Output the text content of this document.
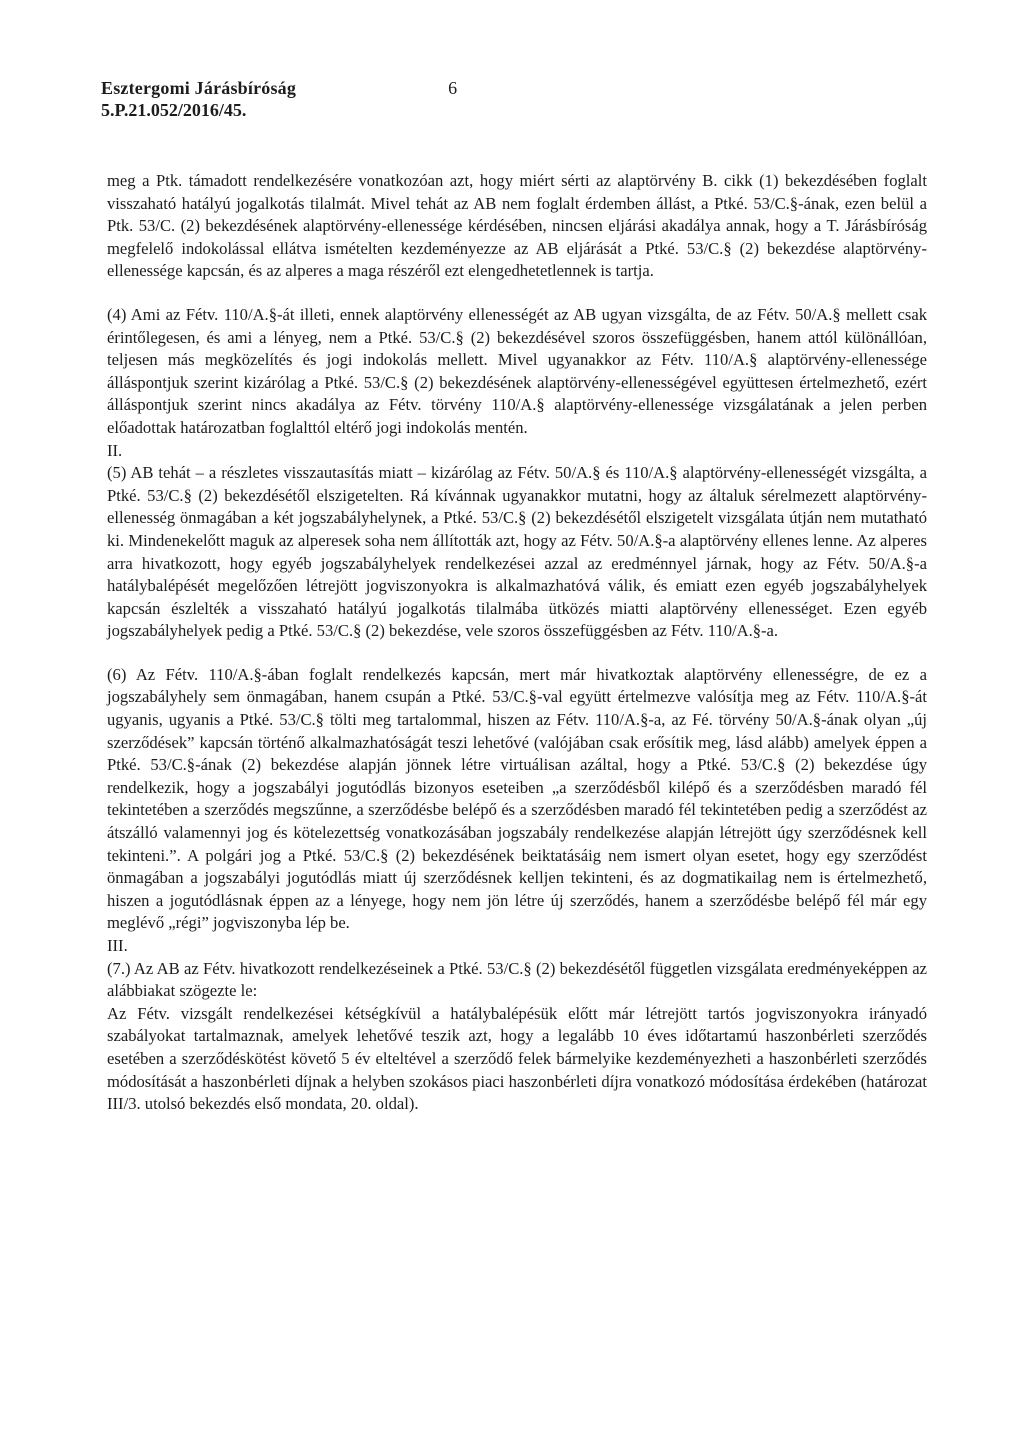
Esztergomi Járásbíróság	6
5.P.21.052/2016/45.

meg a Ptk. támadott rendelkezésére vonatkozóan azt, hogy miért sérti az alaptörvény B. cikk (1) bekezdésében foglalt visszaható hatályú jogalkotás tilalmát. Mivel tehát az AB nem foglalt érdemben állást, a Ptké. 53/C.§-ának, ezen belül a Ptk. 53/C. (2) bekezdésének alaptörvény-ellenessége kérdésében, nincsen eljárási akadálya annak, hogy a T. Járásbíróság megfelelő indokolással ellátva ismételten kezdeményezze az AB eljárását a Ptké. 53/C.§ (2) bekezdése alaptörvény-ellenessége kapcsán, és az alperes a maga részéről ezt elengedhetetlennek is tartja.

(4) Ami az Fétv. 110/A.§-át illeti, ennek alaptörvény ellenességét az AB ugyan vizsgálta, de az Fétv. 50/A.§ mellett csak érintőlegesen, és ami a lényeg, nem a Ptké. 53/C.§ (2) bekezdésével szoros összefüggésben, hanem attól különállóan, teljesen más megközelítés és jogi indokolás mellett. Mivel ugyanakkor az Fétv. 110/A.§ alaptörvény-ellenessége álláspontjuk szerint kizárólag a Ptké. 53/C.§ (2) bekezdésének alaptörvény-ellenességével együttesen értelmezhető, ezért álláspontjuk szerint nincs akadálya az Fétv. törvény 110/A.§ alaptörvény-ellenessége vizsgálatának a jelen perben előadottak határozatban foglalttól eltérő jogi indokolás mentén.

II.

(5) AB tehát – a részletes visszautasítás miatt – kizárólag az Fétv. 50/A.§ és 110/A.§ alaptörvény-ellenességét vizsgálta, a Ptké. 53/C.§ (2) bekezdésétől elszigetelten. Rá kívánnak ugyanakkor mutatni, hogy az általuk sérelmezett alaptörvény-ellenesség önmagában a két jogszabályhelynek, a Ptké. 53/C.§ (2) bekezdésétől elszigetelt vizsgálata útján nem mutatható ki. Mindenekelőtt maguk az alperesek soha nem állították azt, hogy az Fétv. 50/A.§-a alaptörvény ellenes lenne. Az alperes arra hivatkozott, hogy egyéb jogszabályhelyek rendelkezései azzal az eredménnyel járnak, hogy az Fétv. 50/A.§-a hatálybalépését megelőzően létrejött jogviszonyokra is alkalmazhatóvá válik, és emiatt ezen egyéb jogszabályhelyek kapcsán észlelték a visszaható hatályú jogalkotás tilalmába ütközés miatti alaptörvény ellenességet. Ezen egyéb jogszabályhelyek pedig a Ptké. 53/C.§ (2) bekezdése, vele szoros összefüggésben az Fétv. 110/A.§-a.

(6) Az Fétv. 110/A.§-ában foglalt rendelkezés kapcsán, mert már hivatkoztak alaptörvény ellenességre, de ez a jogszabályhely sem önmagában, hanem csupán a Ptké. 53/C.§-val együtt értelmezve valósítja meg az Fétv. 110/A.§-át ugyanis, ugyanis a Ptké. 53/C.§ tölti meg tartalommal, hiszen az Fétv. 110/A.§-a, az Fé. törvény 50/A.§-ának olyan „új szerződések” kapcsán történő alkalmazhatóságát teszi lehetővé (valójában csak erősítik meg, lásd alább) amelyek éppen a Ptké. 53/C.§-ának (2) bekezdése alapján jönnek létre virtuálisan azáltal, hogy a Ptké. 53/C.§ (2) bekezdése úgy rendelkezik, hogy a jogszabályi jogutódlás bizonyos eseteiben „a szerződésből kilépő és a szerződésben maradó fél tekintetében a szerződés megszűnne, a szerződésbe belépő és a szerződésben maradó fél tekintetében pedig a szerződést az átszálló valamennyi jog és kötelezettség vonatkozásában jogszabály rendelkezése alapján létrejött úgy szerződésnek kell tekinteni.”. A polgári jog a Ptké. 53/C.§ (2) bekezdésének beiktatásáig nem ismert olyan esetet, hogy egy szerződést önmagában a jogszabályi jogutódlás miatt új szerződésnek kelljen tekinteni, és az dogmatikailag nem is értelmezhető, hiszen a jogutódlásnak éppen az a lényege, hogy nem jön létre új szerződés, hanem a szerződésbe belépő fél már egy meglévő „régi” jogviszonyba lép be.

III.

(7.) Az AB az Fétv. hivatkozott rendelkezéseinek a Ptké. 53/C.§ (2) bekezdésétől független vizsgálata eredményeképpen az alábbiakat szögezte le:

Az Fétv. vizsgált rendelkezései kétségkívül a hatálybalépésük előtt már létrejött tartós jogviszonyokra irányadó szabályokat tartalmaznak, amelyek lehetővé teszik azt, hogy a legalább 10 éves időtartamú haszonbérleti szerződés esetében a szerződéskötést követő 5 év elteltével a szerződő felek bármelyike kezdeményezheti a haszonbérleti szerződés módosítását a haszonbérleti díjnak a helyben szokásos piaci haszonbérleti díjra vonatkozó módosítása érdekében (határozat III/3. utolsó bekezdés első mondata, 20. oldal).
